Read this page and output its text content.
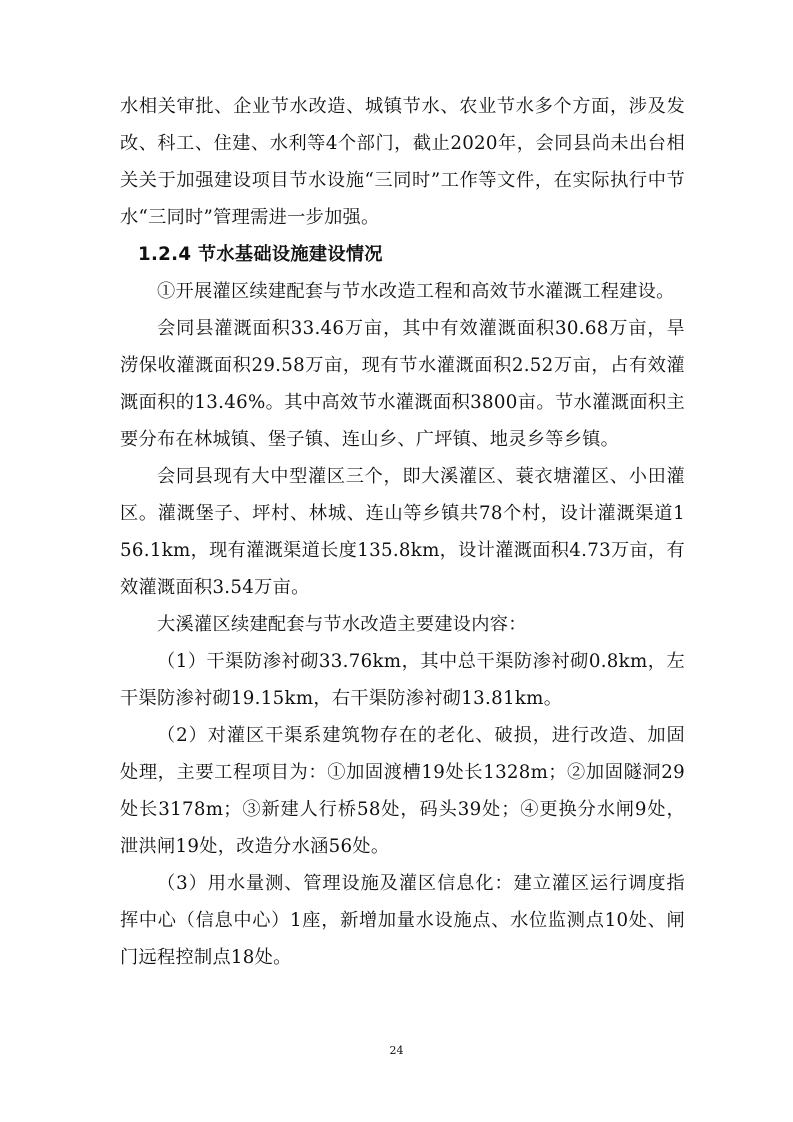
水相关审批、企业节水改造、城镇节水、农业节水多个方面，涉及发改、科工、住建、水利等4个部门，截止2020年，会同县尚未出台相关关于加强建设项目节水设施“三同时”工作等文件，在实际执行中节水“三同时”管理需进一步加强。

1.2.4 节水基础设施建设情况

①开展灌区续建配套与节水改造工程和高效节水灌溉工程建设。

会同县灌溉面积33.46万亩，其中有效灌溉面积30.68万亩，旱涝保收灌溉面积29.58万亩，现有节水灌溉面积2.52万亩，占有效灌溉面积的13.46%。其中高效节水灌溉面积3800亩。节水灌溉面积主要分布在林城镇、堡子镇、连山乡、广坪镇、地灵乡等乡镇。

会同县现有大中型灌区三个，即大溪灌区、蓑衣塘灌区、小田灌区。灌溉堡子、坪村、林城、连山等乡镇共78个村，设计灌溉渠道156.1km，现有灌溉渠道长度135.8km，设计灌溉面积4.73万亩，有效灌溉面积3.54万亩。

大溪灌区续建配套与节水改造主要建设内容：

（1）干渠防渗衬砌33.76km，其中总干渠防渗衬砌0.8km，左干渠防渗衬砌19.15km，右干渠防渗衬砌13.81km。

（2）对灌区干渠系建筑物存在的老化、破损，进行改造、加固处理，主要工程项目为：①加固渡槽19处长1328m；②加固隧洞29处长3178m；③新建人行桥58处，码头39处；④更换分水闸9处，泄洪闸19处，改造分水涵56处。

（3）用水量测、管理设施及灌区信息化：建立灌区运行调度指挥中心（信息中心）1座，新增加量水设施点、水位监测点10处、闸门远程控制点18处。

24
